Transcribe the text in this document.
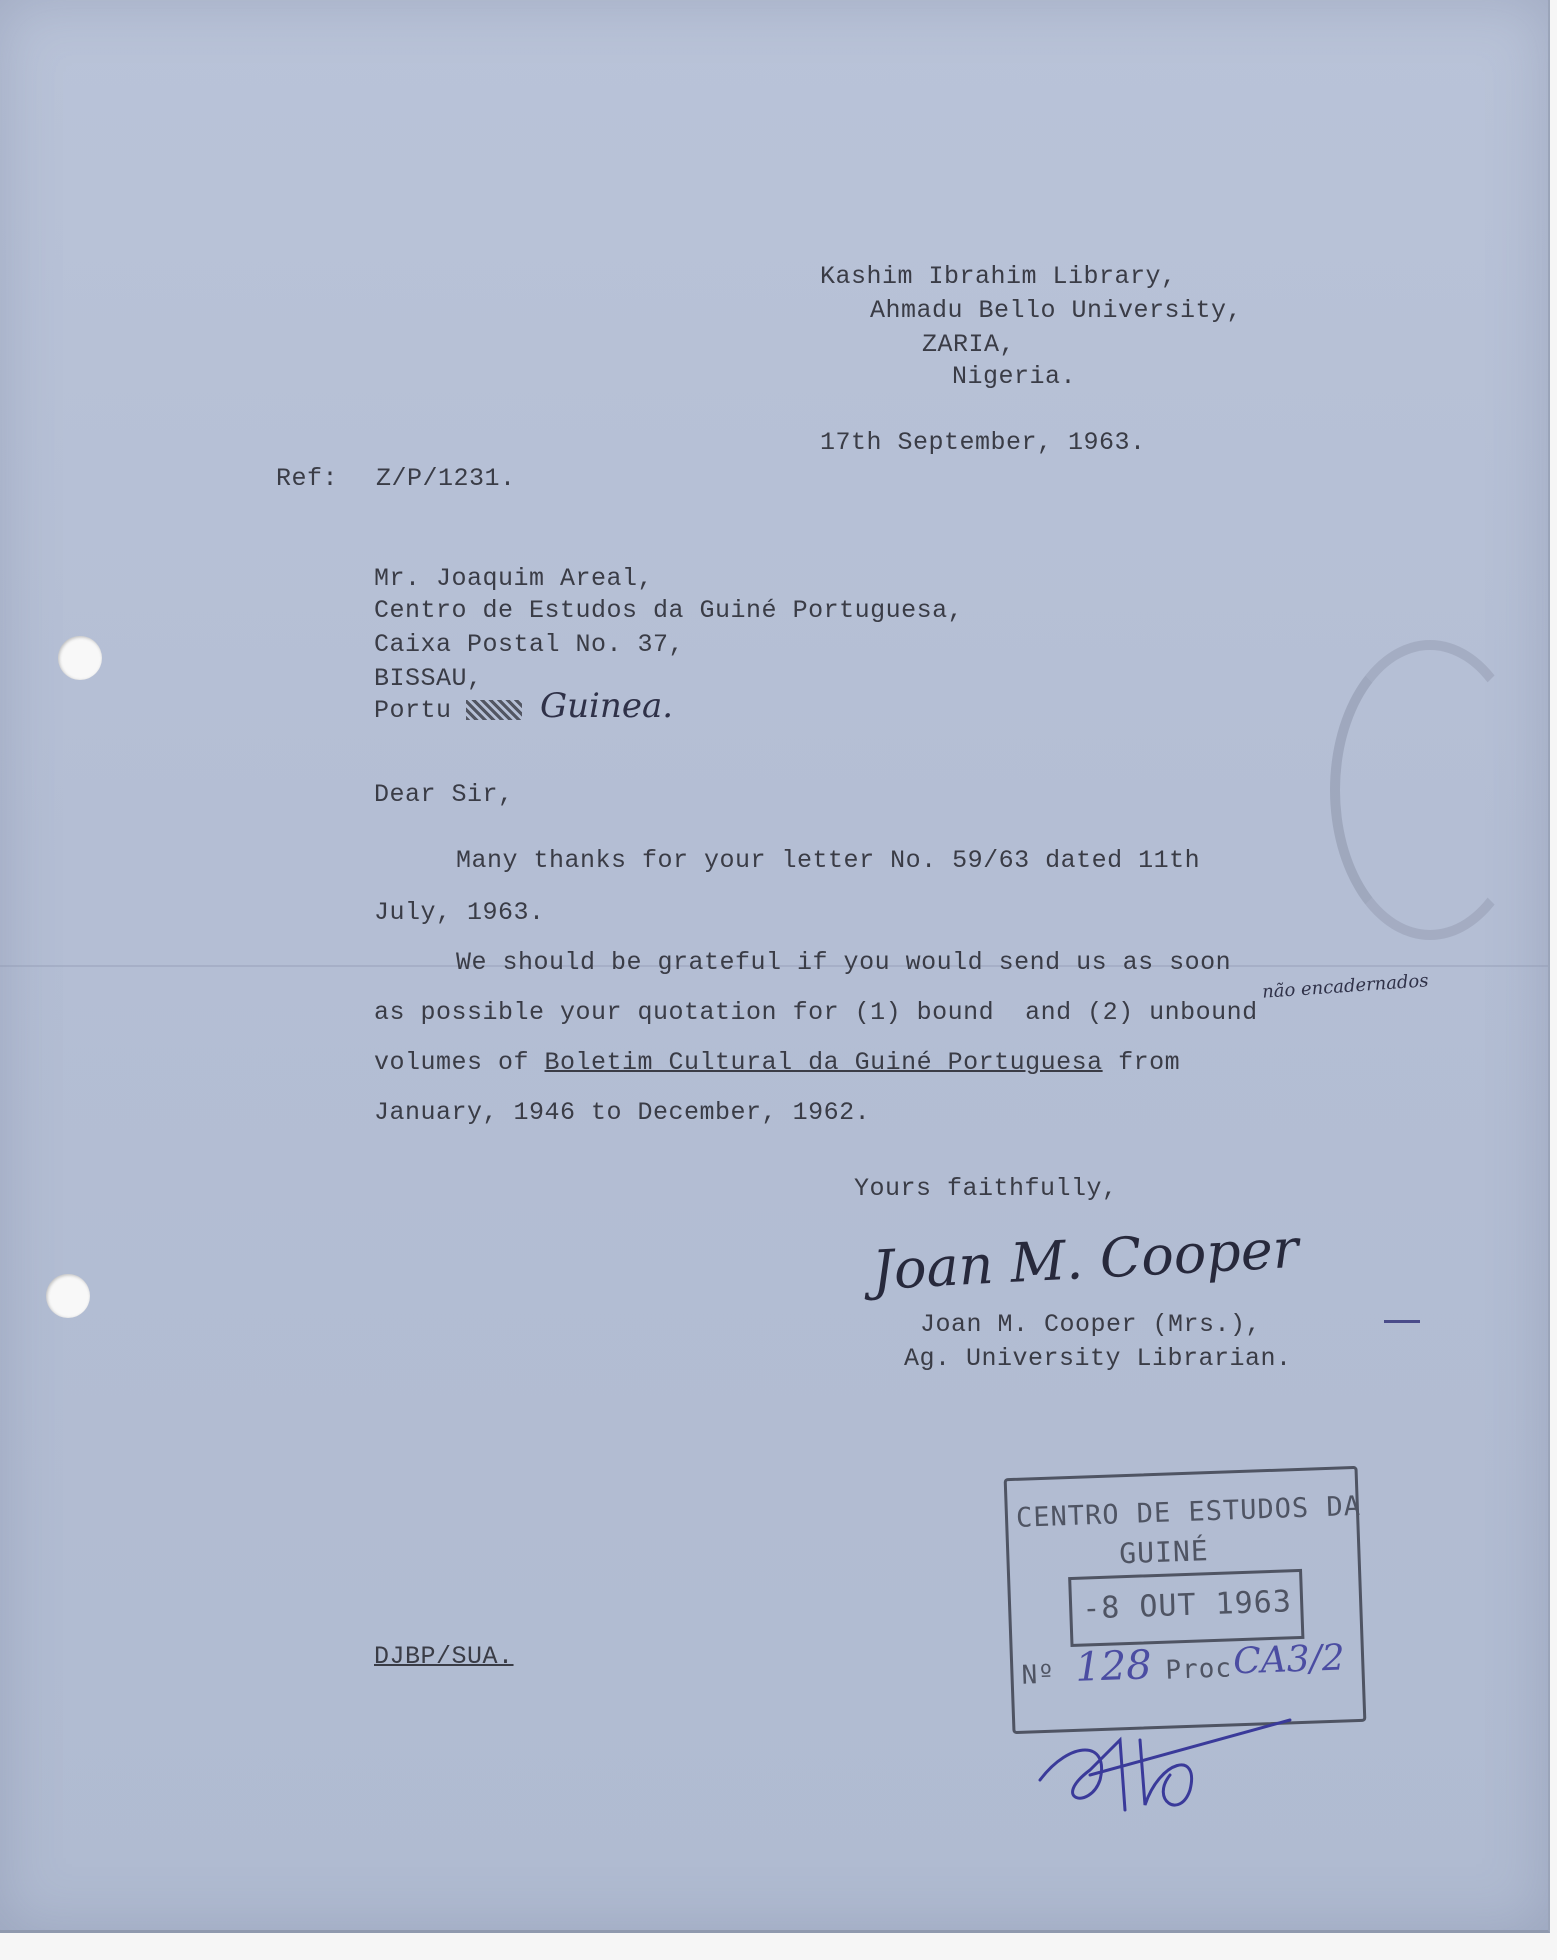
Kashim Ibrahim Library,
Ahmadu Bello University,
ZARIA,
Nigeria.
17th September, 1963.
Ref: Z/P/1231.
Mr. Joaquim Areal,
Centro de Estudos da Guiné Portuguesa,
Caixa Postal No. 37,
BISSAU,
Portu	Guinea.
Dear Sir,
Many thanks for your letter No. 59/63 dated 11th
July, 1963.
We should be grateful if you would send us as soon
não encadernados
as possible your quotation for (1) bound  and (2) unbound
volumes of Boletim Cultural da Guiné Portuguesa from
January, 1946 to December, 1962.
Yours faithfully,
Joan M. Cooper
Joan M. Cooper (Mrs.),
Ag. University Librarian.
DJBP/SUA.
CENTRO DE ESTUDOS DA
GUINÉ
-8 OUT 1963
Nº 128 Proc CA3/2
